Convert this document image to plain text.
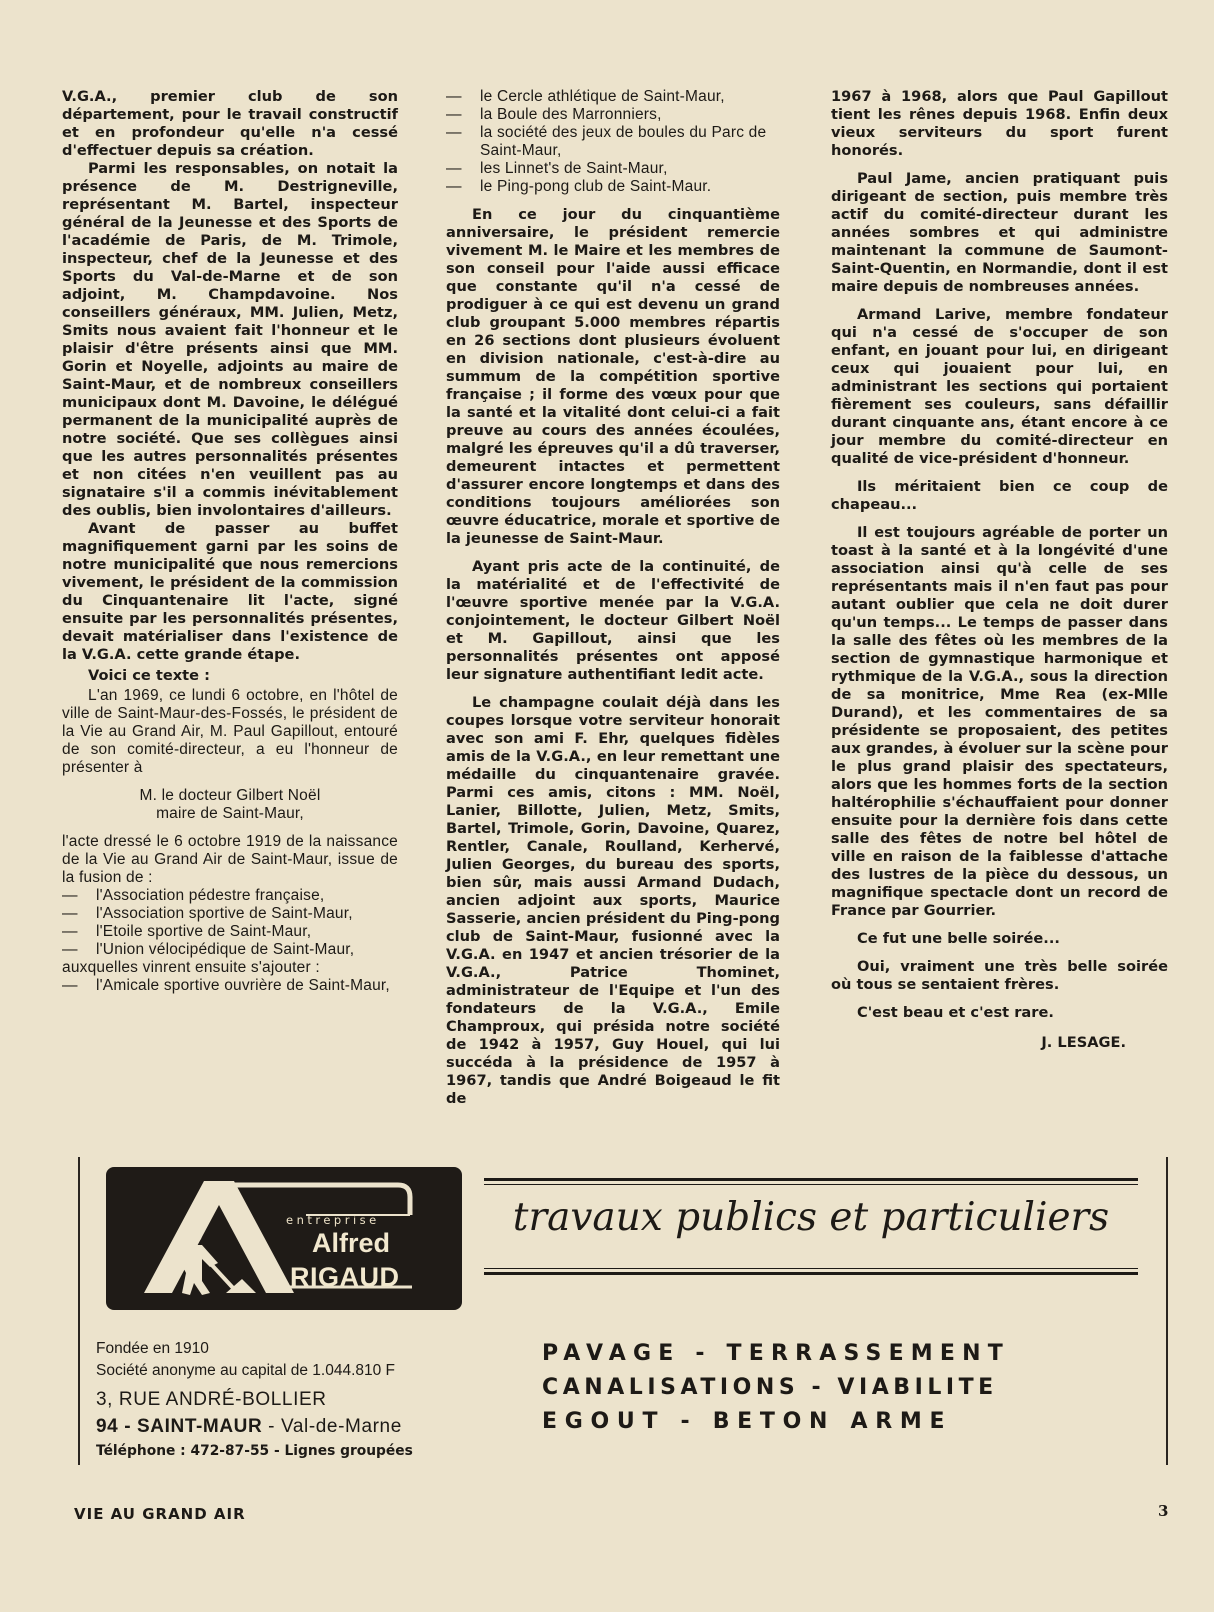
V.G.A., premier club de son département, pour le travail constructif et en profondeur qu'elle n'a cessé d'effectuer depuis sa création.

Parmi les responsables, on notait la présence de M. Destrigneville, représentant M. Bartel, inspecteur général de la Jeunesse et des Sports de l'académie de Paris, de M. Trimole, inspecteur, chef de la Jeunesse et des Sports du Val-de-Marne et de son adjoint, M. Champdavoine. Nos conseillers généraux, MM. Julien, Metz, Smits nous avaient fait l'honneur et le plaisir d'être présents ainsi que MM. Gorin et Noyelle, adjoints au maire de Saint-Maur, et de nombreux conseillers municipaux dont M. Davoine, le délégué permanent de la municipalité auprès de notre société. Que ses collègues ainsi que les autres personnalités présentes et non citées n'en veuillent pas au signataire s'il a commis inévitablement des oublis, bien involontaires d'ailleurs.

Avant de passer au buffet magnifiquement garni par les soins de notre municipalité que nous remercions vivement, le président de la commission du Cinquantenaire lit l'acte, signé ensuite par les personnalités présentes, devait matérialiser dans l'existence de la V.G.A. cette grande étape.

Voici ce texte :

L'an 1969, ce lundi 6 octobre, en l'hôtel de ville de Saint-Maur-des-Fossés, le président de la Vie au Grand Air, M. Paul Gapillout, entouré de son comité-directeur, a eu l'honneur de présenter à

M. le docteur Gilbert Noël

maire de Saint-Maur,

l'acte dressé le 6 octobre 1919 de la naissance de la Vie au Grand Air de Saint-Maur, issue de la fusion de :

—	l'Association pédestre française,
—	l'Association sportive de Saint-Maur,
—	l'Etoile sportive de Saint-Maur,
—	l'Union vélocipédique de Saint-Maur,

auxquelles vinrent ensuite s'ajouter :

—	l'Amicale sportive ouvrière de Saint-Maur,
—	le Cercle athlétique de Saint-Maur,
—	la Boule des Marronniers,
—	la société des jeux de boules du Parc de Saint-Maur,
—	les Linnet's de Saint-Maur,
—	le Ping-pong club de Saint-Maur.

En ce jour du cinquantième anniversaire, le président remercie vivement M. le Maire et les membres de son conseil pour l'aide aussi efficace que constante qu'il n'a cessé de prodiguer à ce qui est devenu un grand club groupant 5.000 membres répartis en 26 sections dont plusieurs évoluent en division nationale, c'est-à-dire au summum de la compétition sportive française ; il forme des vœux pour que la santé et la vitalité dont celui-ci a fait preuve au cours des années écoulées, malgré les épreuves qu'il a dû traverser, demeurent intactes et permettent d'assurer encore longtemps et dans des conditions toujours améliorées son œuvre éducatrice, morale et sportive de la jeunesse de Saint-Maur.

Ayant pris acte de la continuité, de la matérialité et de l'effectivité de l'œuvre sportive menée par la V.G.A. conjointement, le docteur Gilbert Noël et M. Gapillout, ainsi que les personnalités présentes ont apposé leur signature authentifiant ledit acte.

Le champagne coulait déjà dans les coupes lorsque votre serviteur honorait avec son ami F. Ehr, quelques fidèles amis de la V.G.A., en leur remettant une médaille du cinquantenaire gravée. Parmi ces amis, citons : MM. Noël, Lanier, Billotte, Julien, Metz, Smits, Bartel, Trimole, Gorin, Davoine, Quarez, Rentler, Canale, Roulland, Kerhervé, Julien Georges, du bureau des sports, bien sûr, mais aussi Armand Dudach, ancien adjoint aux sports, Maurice Sasserie, ancien président du Ping-pong club de Saint-Maur, fusionné avec la V.G.A. en 1947 et ancien trésorier de la V.G.A., Patrice Thominet, administrateur de l'Equipe et l'un des fondateurs de la V.G.A., Emile Champroux, qui présida notre société de 1942 à 1957, Guy Houel, qui lui succéda à la présidence de 1957 à 1967, tandis que André Boigeaud le fit de

1967 à 1968, alors que Paul Gapillout tient les rênes depuis 1968. Enfin deux vieux serviteurs du sport furent honorés.

Paul Jame, ancien pratiquant puis dirigeant de section, puis membre très actif du comité-directeur durant les années sombres et qui administre maintenant la commune de Saumont-Saint-Quentin, en Normandie, dont il est maire depuis de nombreuses années.

Armand Larive, membre fondateur qui n'a cessé de s'occuper de son enfant, en jouant pour lui, en dirigeant ceux qui jouaient pour lui, en administrant les sections qui portaient fièrement ses couleurs, sans défaillir durant cinquante ans, étant encore à ce jour membre du comité-directeur en qualité de vice-président d'honneur.

Ils méritaient bien ce coup de chapeau...

Il est toujours agréable de porter un toast à la santé et à la longévité d'une association ainsi qu'à celle de ses représentants mais il n'en faut pas pour autant oublier que cela ne doit durer qu'un temps... Le temps de passer dans la salle des fêtes où les membres de la section de gymnastique harmonique et rythmique de la V.G.A., sous la direction de sa monitrice, Mme Rea (ex-Mlle Durand), et les commentaires de sa présidente se proposaient, des petites aux grandes, à évoluer sur la scène pour le plus grand plaisir des spectateurs, alors que les hommes forts de la section haltérophilie s'échauffaient pour donner ensuite pour la dernière fois dans cette salle des fêtes de notre bel hôtel de ville en raison de la faiblesse d'attache des lustres de la pièce du dessous, un magnifique spectacle dont un record de France par Gourrier.

Ce fut une belle soirée...

Oui, vraiment une très belle soirée où tous se sentaient frères.

C'est beau et c'est rare.

J. LESAGE.

entreprise
Alfred
RIGAUD
travaux publics et particuliers
Fondée en 1910
Société anonyme au capital de 1.044.810 F
3, RUE ANDRÉ-BOLLIER
94 - SAINT-MAUR - Val-de-Marne
Téléphone : 472-87-55 - Lignes groupées
PAVAGE - TERRASSEMENT
CANALISATIONS - VIABILITE
EGOUT - BETON ARME
VIE AU GRAND AIR	3
